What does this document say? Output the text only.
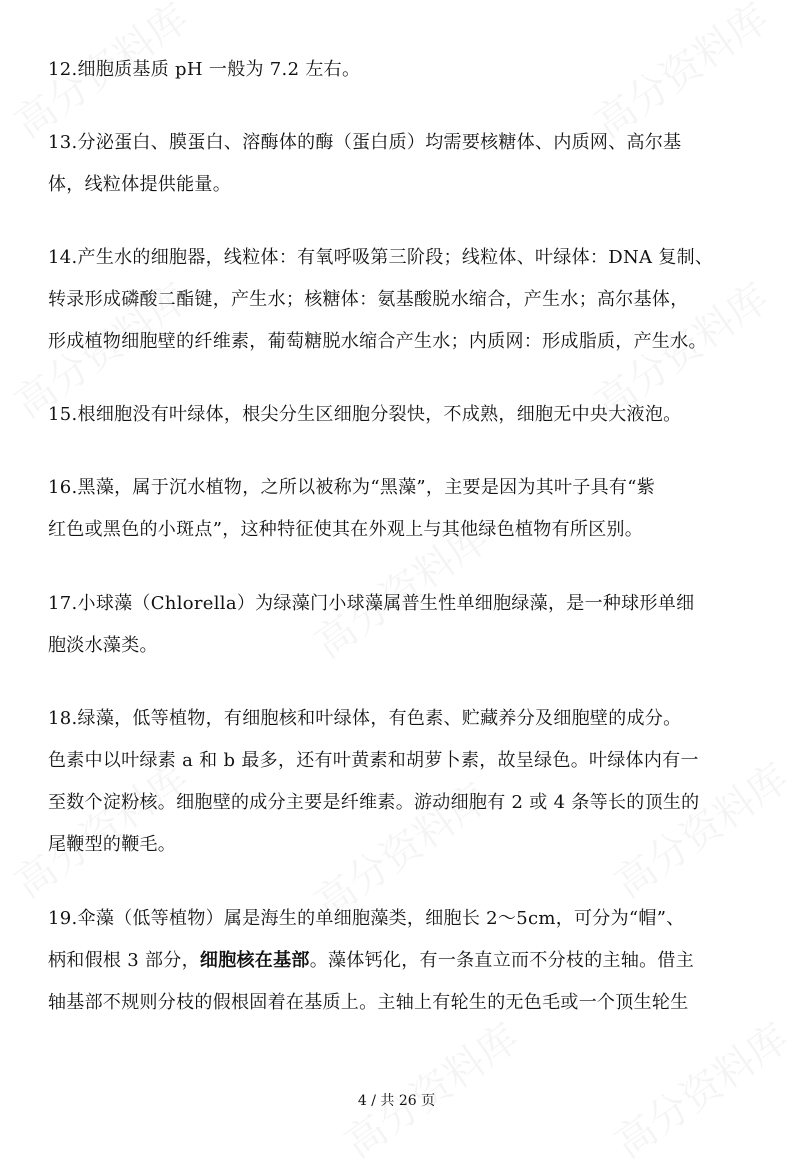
12.细胞质基质 pH 一般为 7.2 左右。
13.分泌蛋白、膜蛋白、溶酶体的酶（蛋白质）均需要核糖体、内质网、高尔基
体，线粒体提供能量。
14.产生水的细胞器，线粒体：有氧呼吸第三阶段；线粒体、叶绿体：DNA 复制、
转录形成磷酸二酯键，产生水；核糖体：氨基酸脱水缩合，产生水；高尔基体，
形成植物细胞壁的纤维素，葡萄糖脱水缩合产生水；内质网：形成脂质，产生水。
15.根细胞没有叶绿体，根尖分生区细胞分裂快，不成熟，细胞无中央大液泡。
16.黑藻，属于沉水植物，之所以被称为“黑藻”，主要是因为其叶子具有“紫
红色或黑色的小斑点”，这种特征使其在外观上与其他绿色植物有所区别。
17.小球藻（Chlorella）为绿藻门小球藻属普生性单细胞绿藻，是一种球形单细
胞淡水藻类。
18.绿藻，低等植物，有细胞核和叶绿体，有色素、贮藏养分及细胞壁的成分。
色素中以叶绿素 a 和 b 最多，还有叶黄素和胡萝卜素，故呈绿色。叶绿体内有一
至数个淀粉核。细胞壁的成分主要是纤维素。游动细胞有 2 或 4 条等长的顶生的
尾鞭型的鞭毛。
19.伞藻（低等植物）属是海生的单细胞藻类，细胞长 2～5cm，可分为“帽”、
柄和假根 3 部分，细胞核在基部。藻体钙化，有一条直立而不分枝的主轴。借主
轴基部不规则分枝的假根固着在基质上。主轴上有轮生的无色毛或一个顶生轮生
4 / 共 26 页
